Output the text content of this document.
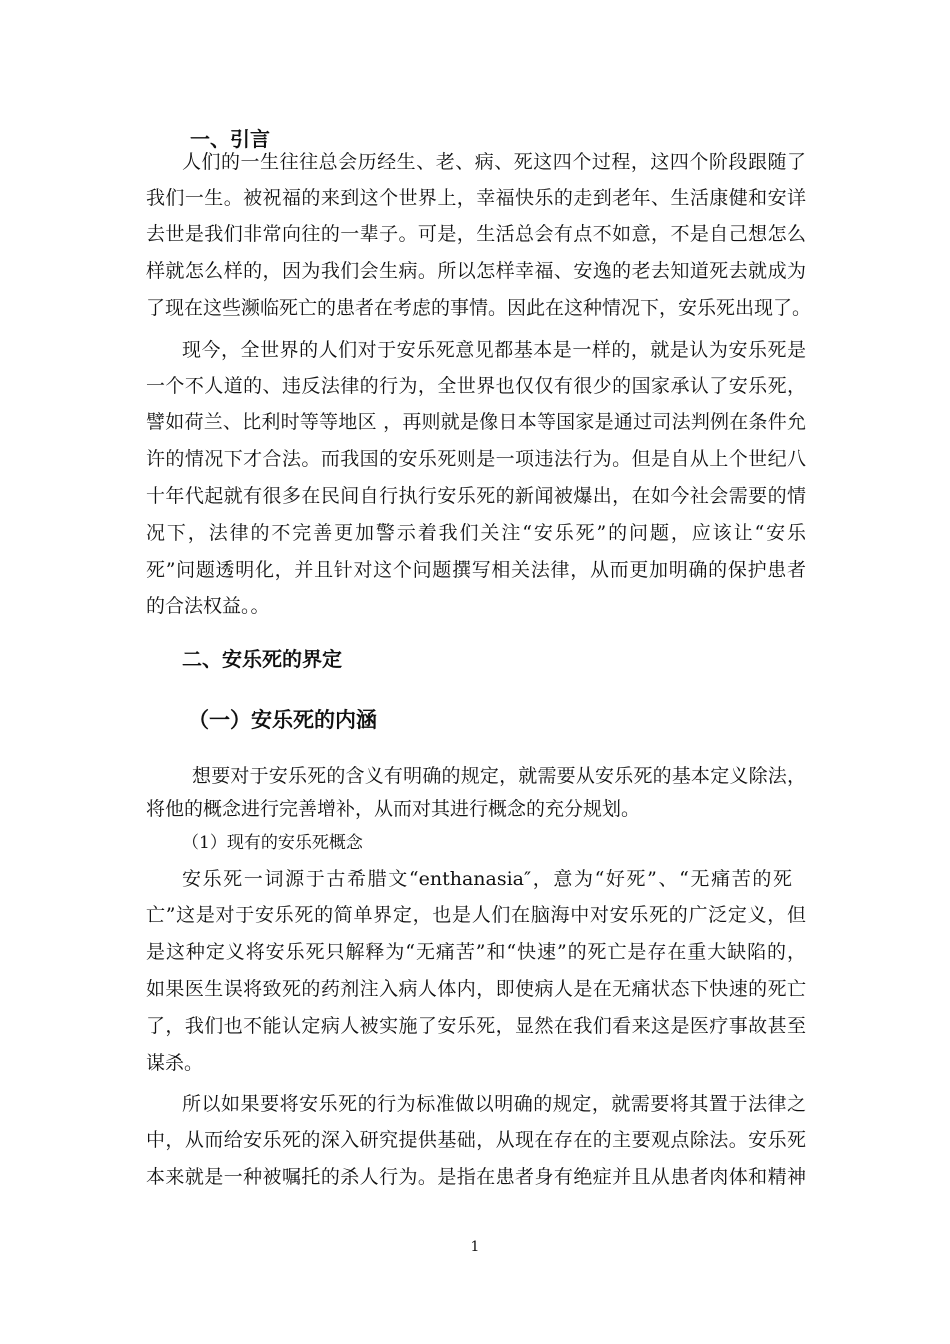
一、引言
人们的一生往往总会历经生、老、病、死这四个过程，这四个阶段跟随了
我们一生。被祝福的来到这个世界上，幸福快乐的走到老年、生活康健和安详
去世是我们非常向往的一辈子。可是，生活总会有点不如意，不是自己想怎么
样就怎么样的，因为我们会生病。所以怎样幸福、安逸的老去知道死去就成为
了现在这些濒临死亡的患者在考虑的事情。因此在这种情况下，安乐死出现了。
现今，全世界的人们对于安乐死意见都基本是一样的，就是认为安乐死是
一个不人道的、违反法律的行为，全世界也仅仅有很少的国家承认了安乐死，
譬如荷兰、比利时等等地区 ，再则就是像日本等国家是通过司法判例在条件允
许的情况下才合法。而我国的安乐死则是一项违法行为。但是自从上个世纪八
十年代起就有很多在民间自行执行安乐死的新闻被爆出，在如今社会需要的情
况下，法律的不完善更加警示着我们关注“安乐死”的问题，应该让“安乐
死”问题透明化，并且针对这个问题撰写相关法律，从而更加明确的保护患者
的合法权益。。
二、安乐死的界定
（一）安乐死的内涵
想要对于安乐死的含义有明确的规定，就需要从安乐死的基本定义除法，
将他的概念进行完善增补，从而对其进行概念的充分规划。
（1）现有的安乐死概念
安乐死一词源于古希腊文“enthanasia″，意为“好死”、“无痛苦的死
亡”这是对于安乐死的简单界定，也是人们在脑海中对安乐死的广泛定义，但
是这种定义将安乐死只解释为“无痛苦”和“快速”的死亡是存在重大缺陷的，
如果医生误将致死的药剂注入病人体内，即使病人是在无痛状态下快速的死亡
了，我们也不能认定病人被实施了安乐死，显然在我们看来这是医疗事故甚至
谋杀。
所以如果要将安乐死的行为标准做以明确的规定，就需要将其置于法律之
中，从而给安乐死的深入研究提供基础，从现在存在的主要观点除法。安乐死
本来就是一种被嘱托的杀人行为。是指在患者身有绝症并且从患者肉体和精神
1
